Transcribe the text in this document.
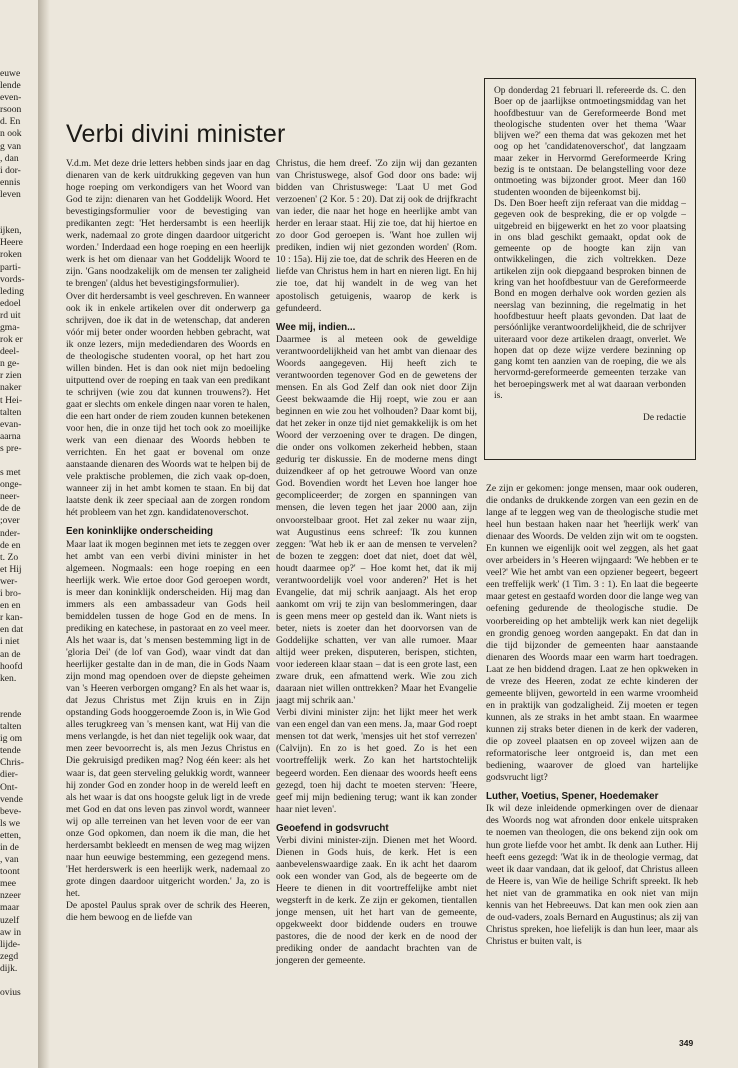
euwe
lende
even-
rsoon
d. En
n ook
g van
, dan
i dor-
ennis
leven
ijken,
Heere
roken
parti-
vords-
leding
edoel
rd uit
gma-
rok er
deel-
n ge-
r zien
naker
t Hei-
talten
evan-
aarna
s pre-
s met
onge-
neer-
de de
;over
nder-
de en
t. Zo
et Hij
wer-
i bro-
en en
r kan-
en dat
i niet
an de
hoofd
ken.
rende
talten
ig om
tende
Chris-
dier-
Ont-
vende
beve-
ls we
etten,
in de
, van
toont
mee
nzeer
maar
uzelf
aw in
lijde-
zegd
dijk.
ovius
Verbi divini minister

V.d.m. Met deze drie letters hebben sinds jaar en dag dienaren van de kerk uitdrukking gegeven van hun hoge roeping om verkondigers van het Woord van God te zijn: dienaren van het Goddelijk Woord. Het bevestigingsformulier voor de bevestiging van predikanten zegt: 'Het herdersambt is een heerlijk werk, nademaal zo grote dingen daardoor uitgericht worden.' Inderdaad een hoge roeping en een heerlijk werk is het om dienaar van het Goddelijk Woord te zijn. 'Gans noodzakelijk om de mensen ter zaligheid te brengen' (aldus het bevestigingsformulier).

Over dit herdersambt is veel geschreven. En wanneer ook ik in enkele artikelen over dit onderwerp ga schrijven, doe ik dat in de wetenschap, dat anderen vóór mij beter onder woorden hebben gebracht, wat ik onze lezers, mijn medediendaren des Woords en de theologische studenten vooral, op het hart zou willen binden. Het is dan ook niet mijn bedoeling uitputtend over de roeping en taak van een predikant te schrijven (wie zou dat kunnen trouwens?). Het gaat er slechts om enkele dingen naar voren te halen, die een hart onder de riem zouden kunnen betekenen voor hen, die in onze tijd het toch ook zo moeilijke werk van een dienaar des Woords hebben te verrichten. En het gaat er bovenal om onze aanstaande dienaren des Woords wat te helpen bij de vele praktische problemen, die zich vaak op-doen, wanneer zij in het ambt komen te staan. En bij dat laatste denk ik zeer speciaal aan de zorgen rondom hét probleem van het zgn. kandidatenoverschot.

Een koninklijke onderscheiding

Maar laat ik mogen beginnen met iets te zeggen over het ambt van een verbi divini minister in het algemeen. Nogmaals: een hoge roeping en een heerlijk werk. Wie ertoe door God geroepen wordt, is meer dan koninklijk onderscheiden. Hij mag dan immers als een ambassadeur van Gods heil bemiddelen tussen de hoge God en de mens. In prediking en katechese, in pastoraat en zo veel meer. Als het waar is, dat 's mensen bestemming ligt in de 'gloria Dei' (de lof van God), waar vindt dat dan heerlijker gestalte dan in de man, die in Gods Naam zijn mond mag opendoen over de diepste geheimen van 's Heeren verborgen omgang? En als het waar is, dat Jezus Christus met Zijn kruis en in Zijn opstanding Gods hooggeroemde Zoon is, in Wie God alles terugkreeg van 's mensen kant, wat Hij van die mens verlangde, is het dan niet tegelijk ook waar, dat men zeer bevoorrecht is, als men Jezus Christus en Die gekruisigd prediken mag? Nog één keer: als het waar is, dat geen sterveling gelukkig wordt, wanneer hij zonder God en zonder hoop in de wereld leeft en als het waar is dat ons hoogste geluk ligt in de vrede met God en dat ons leven pas zinvol wordt, wanneer wij op alle terreinen van het leven voor de eer van onze God opkomen, dan noem ik die man, die het herdersambt bekleedt en mensen de weg mag wijzen naar hun eeuwige bestemming, een gezegend mens. 'Het herderswerk is een heerlijk werk, nademaal zo grote dingen daardoor uitgericht worden.' Ja, zo is het.

De apostel Paulus sprak over de schrik des Heeren, die hem bewoog en de liefde van

Christus, die hem dreef. 'Zo zijn wij dan gezanten van Christuswege, alsof God door ons bade: wij bidden van Christuswege: 'Laat U met God verzoenen' (2 Kor. 5 : 20). Dat zij ook de drijfkracht van ieder, die naar het hoge en heerlijke ambt van herder en leraar staat. Hij zie toe, dat hij hiertoe en zo door God geroepen is. 'Want hoe zullen wij prediken, indien wij niet gezonden worden' (Rom. 10 : 15a). Hij zie toe, dat de schrik des Heeren en de liefde van Christus hem in hart en nieren ligt. En hij zie toe, dat hij wandelt in de weg van het apostolisch getuigenis, waarop de kerk is gefundeerd.

Wee mij, indien...

Daarmee is al meteen ook de geweldige verantwoordelijkheid van het ambt van dienaar des Woords aangegeven. Hij heeft zich te verantwoorden tegenover God en de gewetens der mensen. En als God Zelf dan ook niet door Zijn Geest bekwaamde die Hij roept, wie zou er aan beginnen en wie zou het volhouden? Daar komt bij, dat het zeker in onze tijd niet gemakkelijk is om het Woord der verzoening over te dragen. De dingen, die onder ons volkomen zekerheid hebben, staan gedurig ter diskussie. En de moderne mens dingt duizendkeer af op het getrouwe Woord van onze God. Bovendien wordt het Leven hoe langer hoe gecompliceerder; de zorgen en spanningen van mensen, die leven tegen het jaar 2000 aan, zijn onvoorstelbaar groot. Het zal zeker nu waar zijn, wat Augustinus eens schreef: 'Ik zou kunnen zeggen: 'Wat heb ik er aan de mensen te vervelen? de bozen te zeggen: doet dat niet, doet dat wèl, houdt daarmee op?' – Hoe komt het, dat ik mij verantwoordelijk voel voor anderen?' Het is het Evangelie, dat mij schrik aanjaagt. Als het erop aankomt om vrij te zijn van beslommeringen, daar is geen mens meer op gesteld dan ik. Want niets is beter, niets is zoeter dan het doorvorsen van de Goddelijke schatten, ver van alle rumoer. Maar altijd weer preken, disputeren, berispen, stichten, voor iedereen klaar staan – dat is een grote last, een zware druk, een afmattend werk. Wie zou zich daaraan niet willen onttrekken? Maar het Evangelie jaagt mij schrik aan.'

Verbi divini minister zijn: het lijkt meer het werk van een engel dan van een mens. Ja, maar God roept mensen tot dat werk, 'mensjes uit het stof verrezen' (Calvijn). En zo is het goed. Zo is het een voortreffelijk werk. Zo kan het hartstochtelijk begeerd worden. Een dienaar des woords heeft eens gezegd, toen hij dacht te moeten sterven: 'Heere, geef mij mijn bediening terug; want ik kan zonder haar niet leven'.

Geoefend in godsvrucht

Verbi divini minister-zijn. Dienen met het Woord. Dienen in Gods huis, de kerk. Het is een aanbevelenswaardige zaak. En ik acht het daarom ook een wonder van God, als de begeerte om de Heere te dienen in dit voortreffelijke ambt niet wegsterft in de kerk. Ze zijn er gekomen, tientallen jonge mensen, uit het hart van de gemeente, opgekweekt door biddende ouders en trouwe pastores, die de nood der kerk en de nood der prediking onder de aandacht brachten van de jongeren der gemeente.

Op donderdag 21 februari ll. refereerde ds. C. den Boer op de jaarlijkse ontmoetingsmiddag van het hoofdbestuur van de Gereformeerde Bond met theologische studenten over het thema 'Waar blijven we?' een thema dat was gekozen met het oog op het 'candidatenoverschot', dat langzaam maar zeker in Hervormd Gereformeerde Kring bezig is te ontstaan. De belangstelling voor deze ontmoeting was bijzonder groot. Meer dan 160 studenten woonden de bijeenkomst bij.

Ds. Den Boer heeft zijn referaat van die middag – gegeven ook de bespreking, die er op volgde – uitgebreid en bijgewerkt en het zo voor plaatsing in ons blad geschikt gemaakt, opdat ook de gemeente op de hoogte kan zijn van ontwikkelingen, die zich voltrekken. Deze artikelen zijn ook diepgaand besproken binnen de kring van het hoofdbestuur van de Gereformeerde Bond en mogen derhalve ook worden gezien als neerslag van bezinning, die regelmatig in het hoofdbestuur heeft plaats gevonden. Dat laat de persóónlijke verantwoordelijkheid, die de schrijver uiteraard voor deze artikelen draagt, onverlet. We hopen dat op deze wijze verdere bezinning op gang komt ten aanzien van de roeping, die we als hervormd-gereformeerde gemeenten terzake van het beroepingswerk met al wat daaraan verbonden is.

De redactie

Ze zijn er gekomen: jonge mensen, maar ook ouderen, die ondanks de drukkende zorgen van een gezin en de lange af te leggen weg van de theologische studie met heel hun bestaan haken naar het 'heerlijk werk' van dienaar des Woords. De velden zijn wit om te oogsten. En kunnen we eigenlijk ooit wel zeggen, als het gaat over arbeiders in 's Heeren wijngaard: 'We hebben er te veel?' Wie het ambt van een opziener begeert, begeert een treffelijk werk' (1 Tim. 3 : 1). En laat die begeerte maar getest en gestaafd worden door die lange weg van oefening gedurende de theologische studie. De voorbereiding op het ambtelijk werk kan niet degelijk en grondig genoeg worden aangepakt. En dat dan in die tijd bijzonder de gemeenten haar aanstaande dienaren des Woords maar een warm hart toedragen. Laat ze hen biddend dragen. Laat ze hen opkweken in de vreze des Heeren, zodat ze echte kinderen der gemeente blijven, geworteld in een warme vroomheid en in praktijk van godzaligheid. Zij moeten er tegen kunnen, als ze straks in het ambt staan. En waarmee kunnen zij straks beter dienen in de kerk der vaderen, die op zoveel plaatsen en op zoveel wijzen aan de reformatorische leer ontgroeid is, dan met een bediening, waarover de gloed van hartelijke godsvrucht ligt?

Luther, Voetius, Spener, Hoedemaker

Ik wil deze inleidende opmerkingen over de dienaar des Woords nog wat afronden door enkele uitspraken te noemen van theologen, die ons bekend zijn ook om hun grote liefde voor het ambt. Ik denk aan Luther. Hij heeft eens gezegd: 'Wat ik in de theologie vermag, dat weet ik daar vandaan, dat ik geloof, dat Christus alleen de Heere is, van Wie de heilige Schrift spreekt. Ik heb het niet van de grammatika en ook niet van mijn kennis van het Hebreeuws. Dat kan men ook zien aan de oud-vaders, zoals Bernard en Augustinus; als zij van Christus spreken, hoe liefelijk is dan hun leer, maar als Christus er buiten valt, is

349
